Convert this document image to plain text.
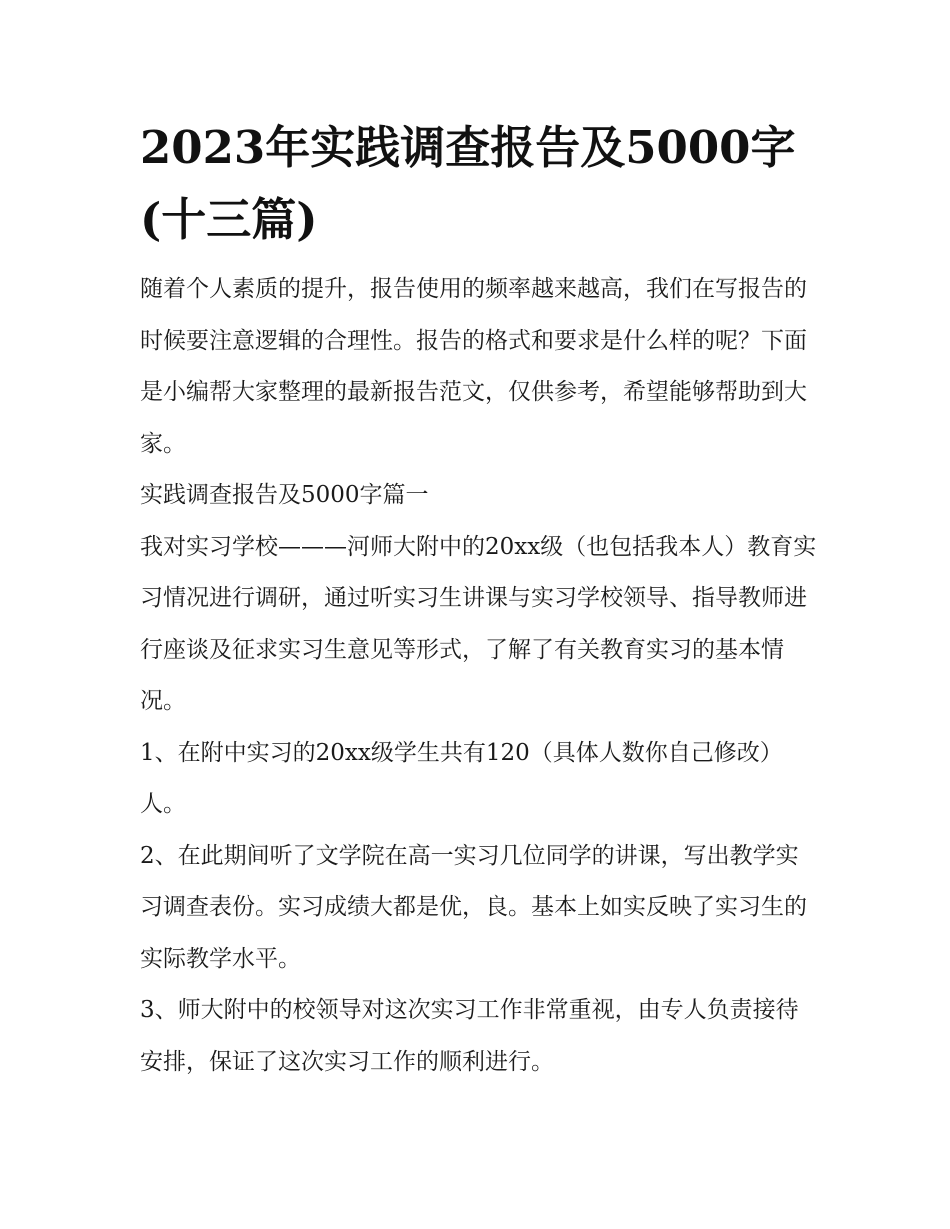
2023年实践调查报告及5000字(十三篇)

随着个人素质的提升，报告使用的频率越来越高，我们在写报告的时候要注意逻辑的合理性。报告的格式和要求是什么样的呢？下面是小编帮大家整理的最新报告范文，仅供参考，希望能够帮助到大家。

实践调查报告及5000字篇一

我对实习学校———河师大附中的20xx级（也包括我本人）教育实习情况进行调研，通过听实习生讲课与实习学校领导、指导教师进行座谈及征求实习生意见等形式，了解了有关教育实习的基本情况。

1、在附中实习的20xx级学生共有120（具体人数你自己修改）人。

2、在此期间听了文学院在高一实习几位同学的讲课，写出教学实习调查表份。实习成绩大都是优，良。基本上如实反映了实习生的实际教学水平。

3、师大附中的校领导对这次实习工作非常重视，由专人负责接待安排，保证了这次实习工作的顺利进行。
